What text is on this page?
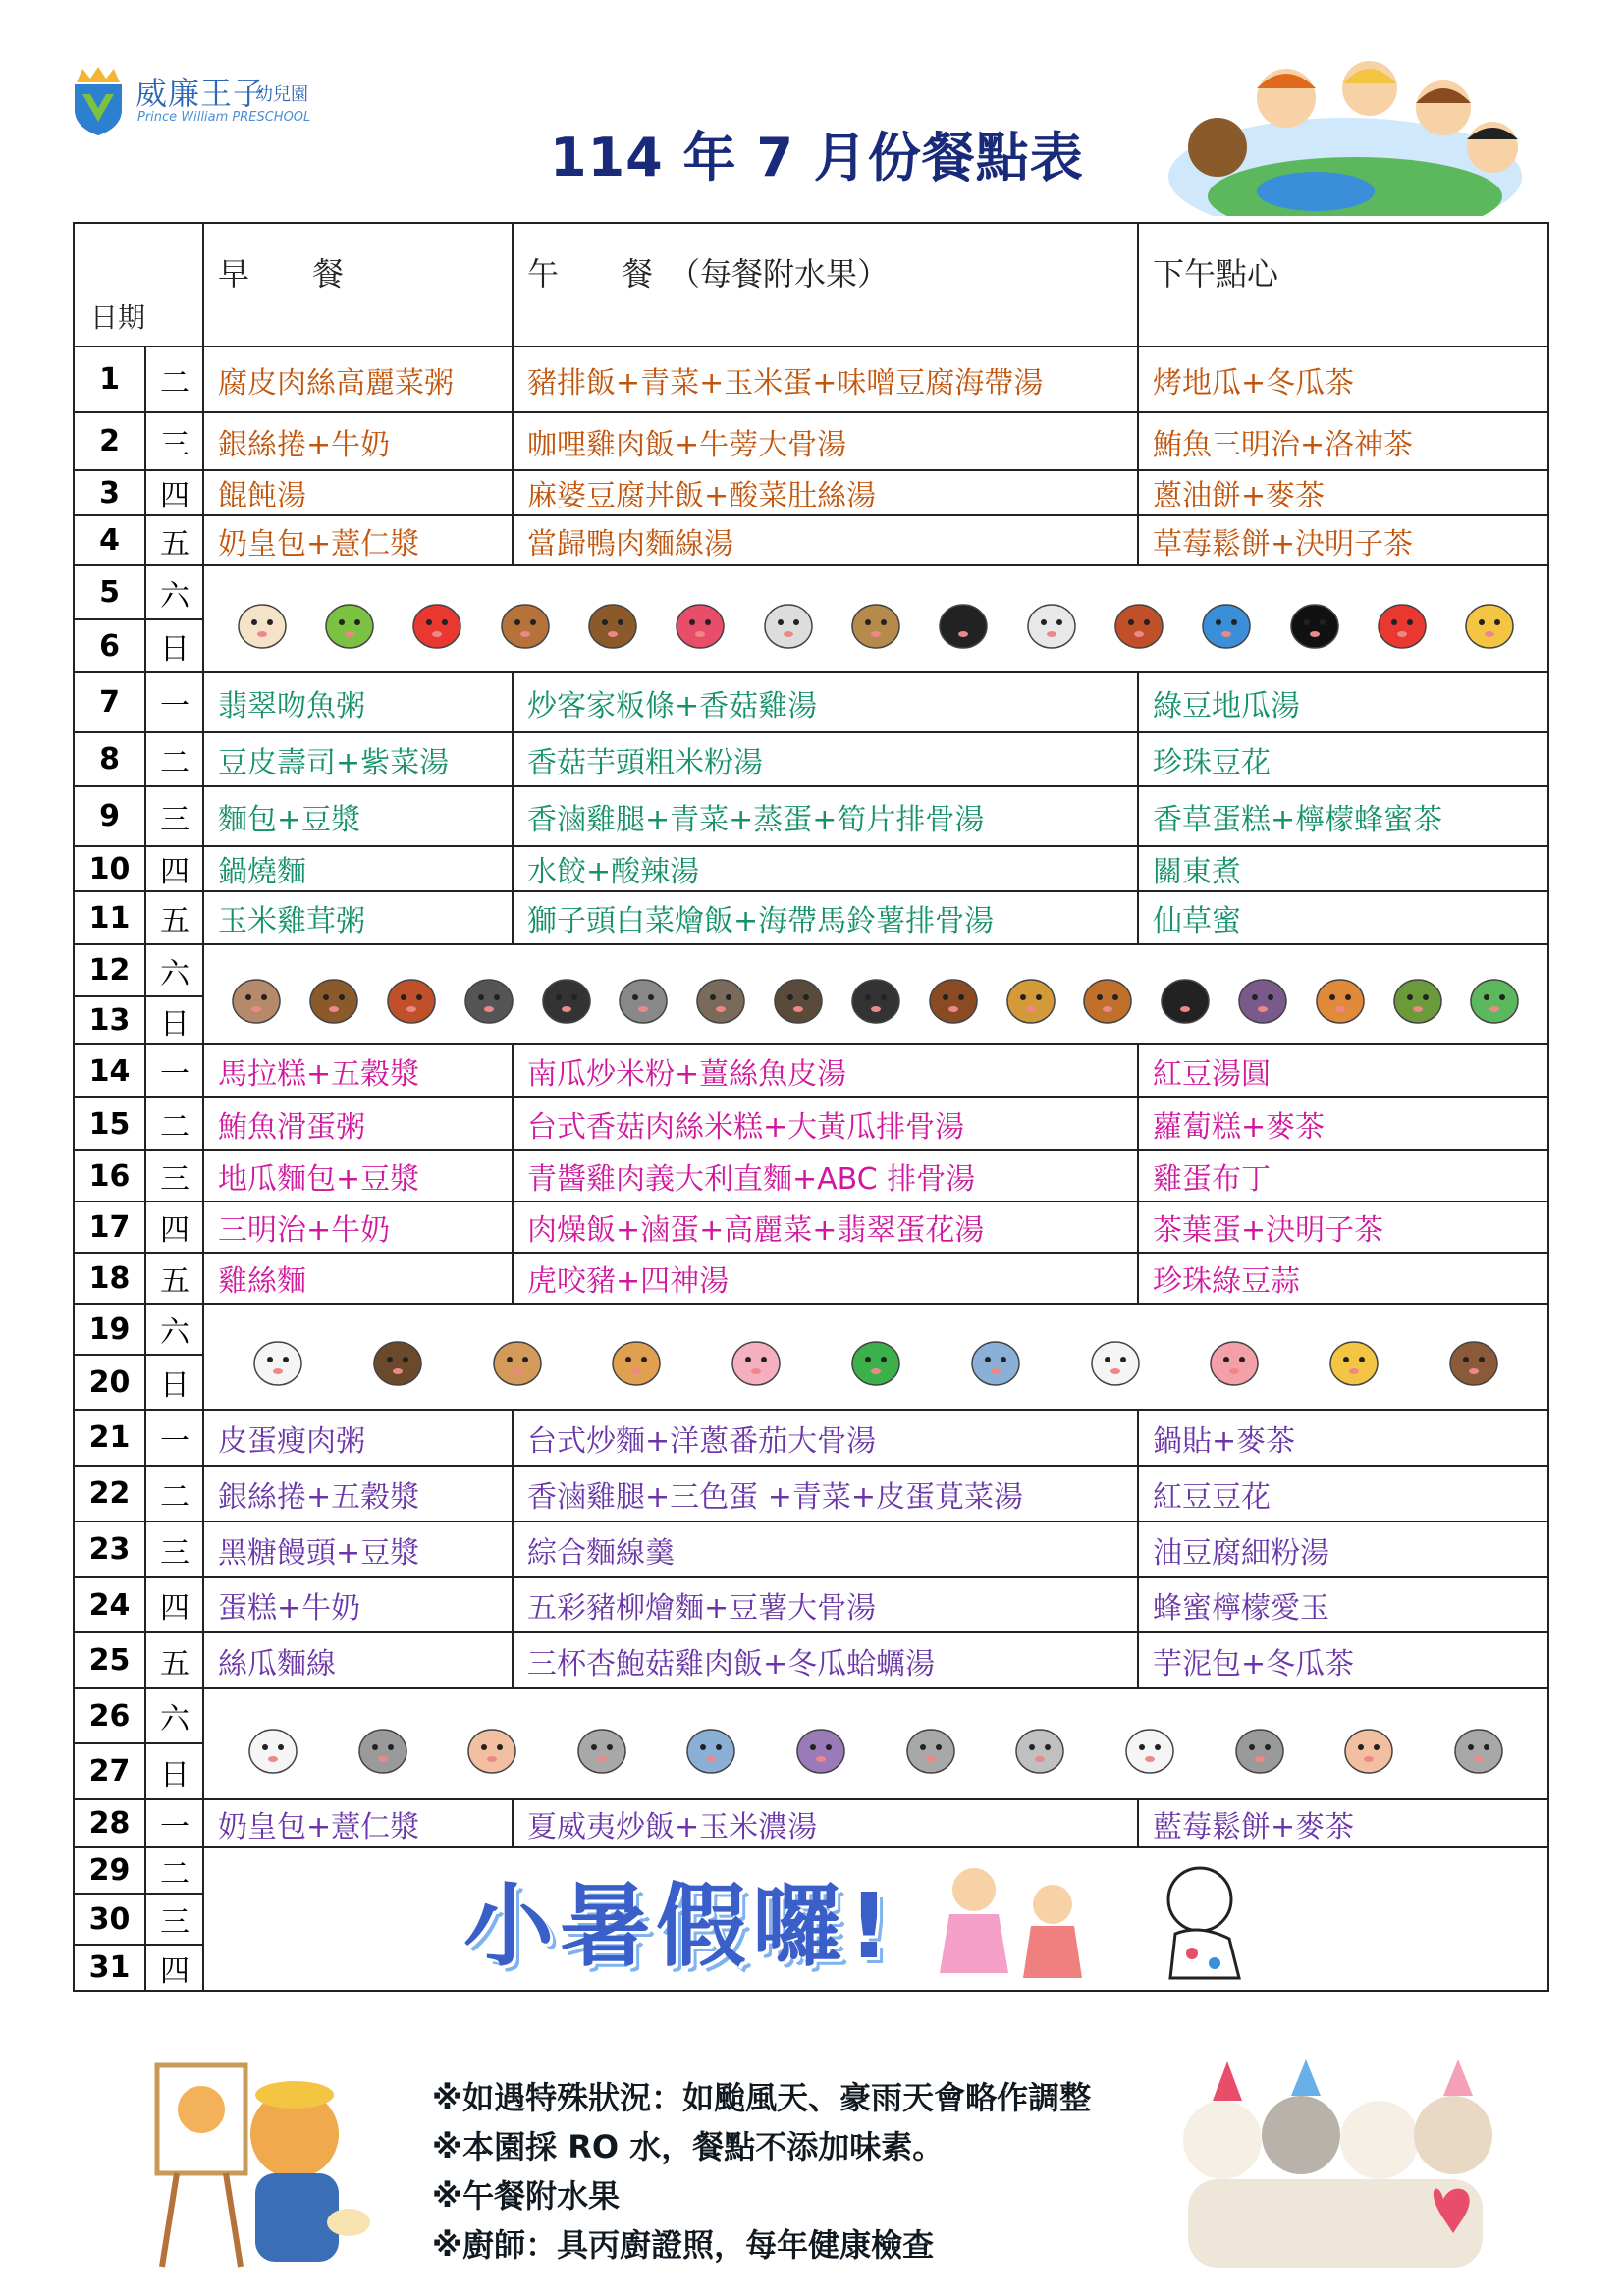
威廉王子
幼兒園
Prince William PRESCHOOL
114 年 7 月份餐點表
日期		早　　餐	午　　餐　（每餐附水果）	下午點心
1	二	腐皮肉絲高麗菜粥	豬排飯+青菜+玉米蛋+味噌豆腐海帶湯	烤地瓜+冬瓜茶
2	三	銀絲捲+牛奶	咖哩雞肉飯+牛蒡大骨湯	鮪魚三明治+洛神茶
3	四	餛飩湯	麻婆豆腐丼飯+酸菜肚絲湯	蔥油餅+麥茶
4	五	奶皇包+薏仁漿	當歸鴨肉麵線湯	草莓鬆餅+決明子茶
5	六	

6	日			
7	一	翡翠吻魚粥	炒客家粄條+香菇雞湯	綠豆地瓜湯
8	二	豆皮壽司+紫菜湯	香菇芋頭粗米粉湯	珍珠豆花
9	三	麵包+豆漿	香滷雞腿+青菜+蒸蛋+筍片排骨湯	香草蛋糕+檸檬蜂蜜茶
10	四	鍋燒麵	水餃+酸辣湯	關東煮
11	五	玉米雞茸粥	獅子頭白菜燴飯+海帶馬鈴薯排骨湯	仙草蜜
12	六	

13	日			
14	一	馬拉糕+五穀漿	南瓜炒米粉+薑絲魚皮湯	紅豆湯圓
15	二	鮪魚滑蛋粥	台式香菇肉絲米糕+大黃瓜排骨湯	蘿蔔糕+麥茶
16	三	地瓜麵包+豆漿	青醬雞肉義大利直麵+ABC 排骨湯	雞蛋布丁
17	四	三明治+牛奶	肉燥飯+滷蛋+高麗菜+翡翠蛋花湯	茶葉蛋+決明子茶
18	五	雞絲麵	虎咬豬+四神湯	珍珠綠豆蒜
19	六	

20	日			
21	一	皮蛋瘦肉粥	台式炒麵+洋蔥番茄大骨湯	鍋貼+麥茶
22	二	銀絲捲+五穀漿	香滷雞腿+三色蛋 +青菜+皮蛋莧菜湯	紅豆豆花
23	三	黑糖饅頭+豆漿	綜合麵線羹	油豆腐細粉湯
24	四	蛋糕+牛奶	五彩豬柳燴麵+豆薯大骨湯	蜂蜜檸檬愛玉
25	五	絲瓜麵線	三杯杏鮑菇雞肉飯+冬瓜蛤蠣湯	芋泥包+冬瓜茶
26	六	

27	日			
28	一	奶皇包+薏仁漿	夏威夷炒飯+玉米濃湯	藍莓鬆餅+麥茶
29	二	小暑假囉!		

30	三			
31	四			
※如遇特殊狀況：如颱風天、豪雨天會略作調整
※本園採 RO 水，餐點不添加味素。
※午餐附水果
※廚師：具丙廚證照，每年健康檢查
